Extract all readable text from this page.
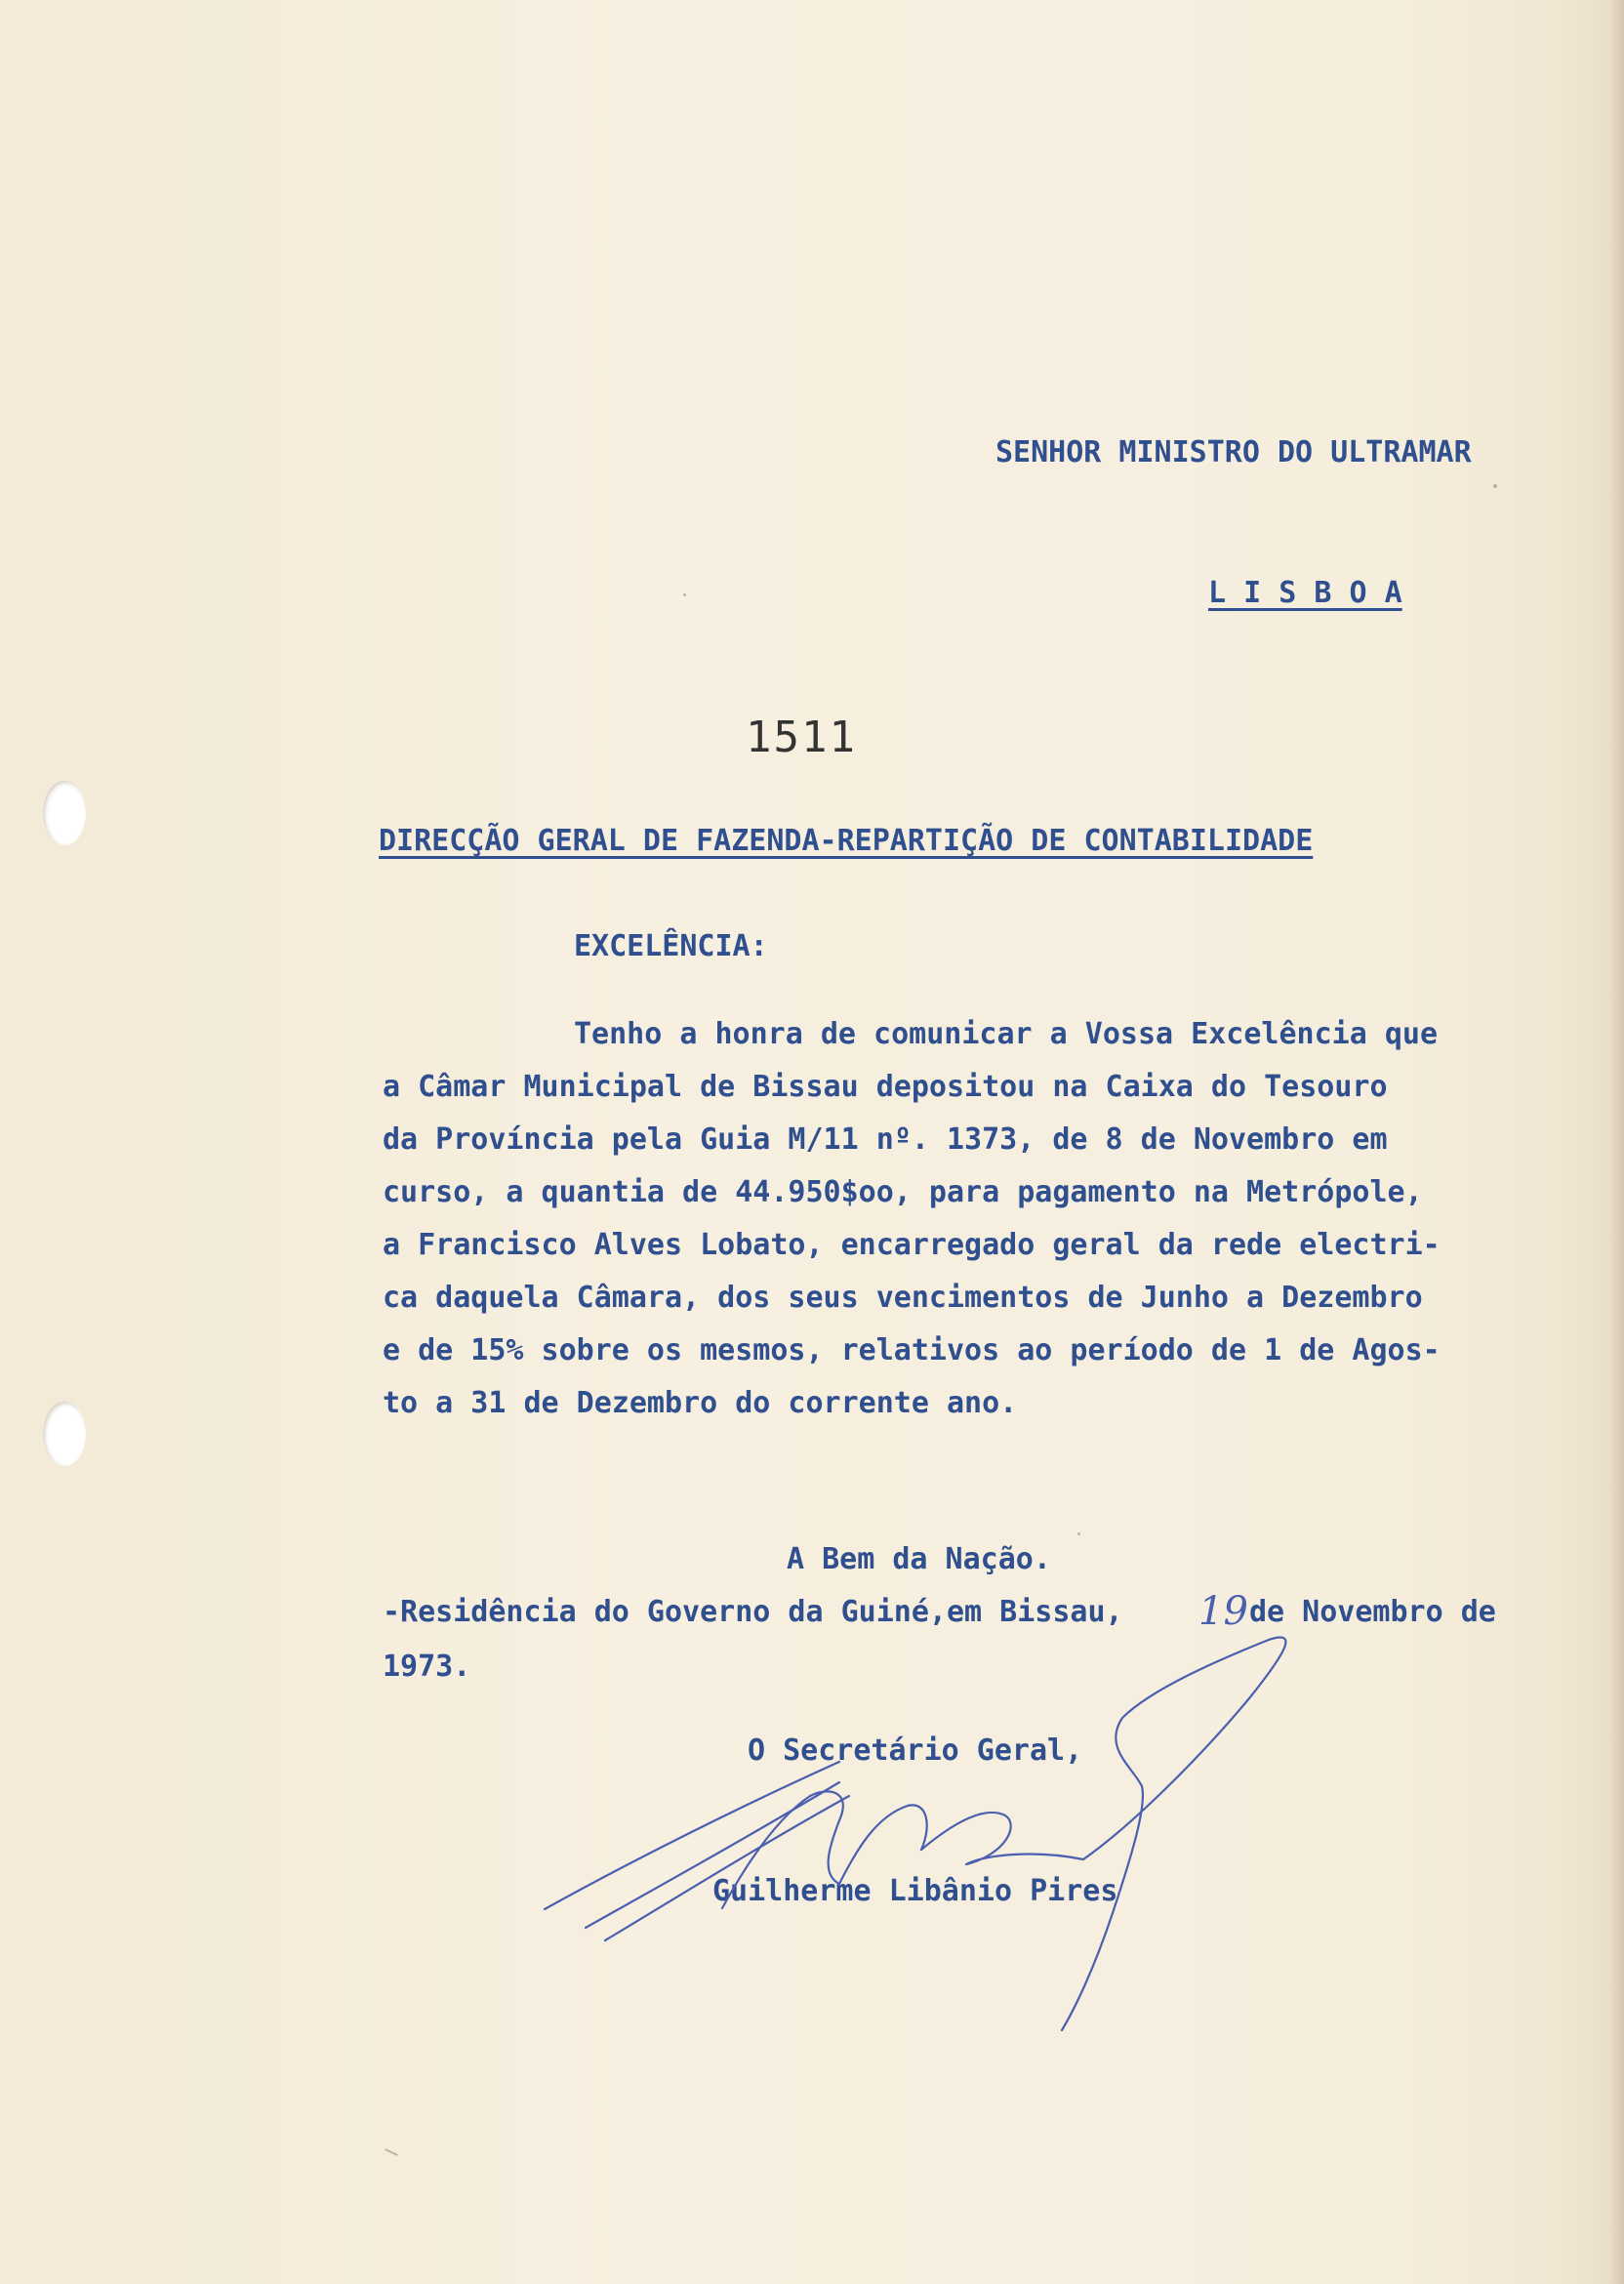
SENHOR MINISTRO DO ULTRAMAR
L I S B O A
1511
DIRECÇÃO GERAL DE FAZENDA-REPARTIÇÃO DE CONTABILIDADE
EXCELÊNCIA:
Tenho a honra de comunicar a Vossa Excelência que
a Câmar Municipal de Bissau depositou na Caixa do Tesouro
da Província pela Guia M/11 nº. 1373, de 8 de Novembro em
curso, a quantia de 44.950$oo, para pagamento na Metrópole,
a Francisco Alves Lobato, encarregado geral da rede electri-
ca daquela Câmara, dos seus vencimentos de Junho a Dezembro
e de 15% sobre os mesmos, relativos ao período de 1 de Agos-
to a 31 de Dezembro do corrente ano.
A Bem da Nação.
-Residência do Governo da Guiné,em Bissau, 19 de Novembro de
1973.
O Secretário Geral,
Guilherme Libânio Pires
